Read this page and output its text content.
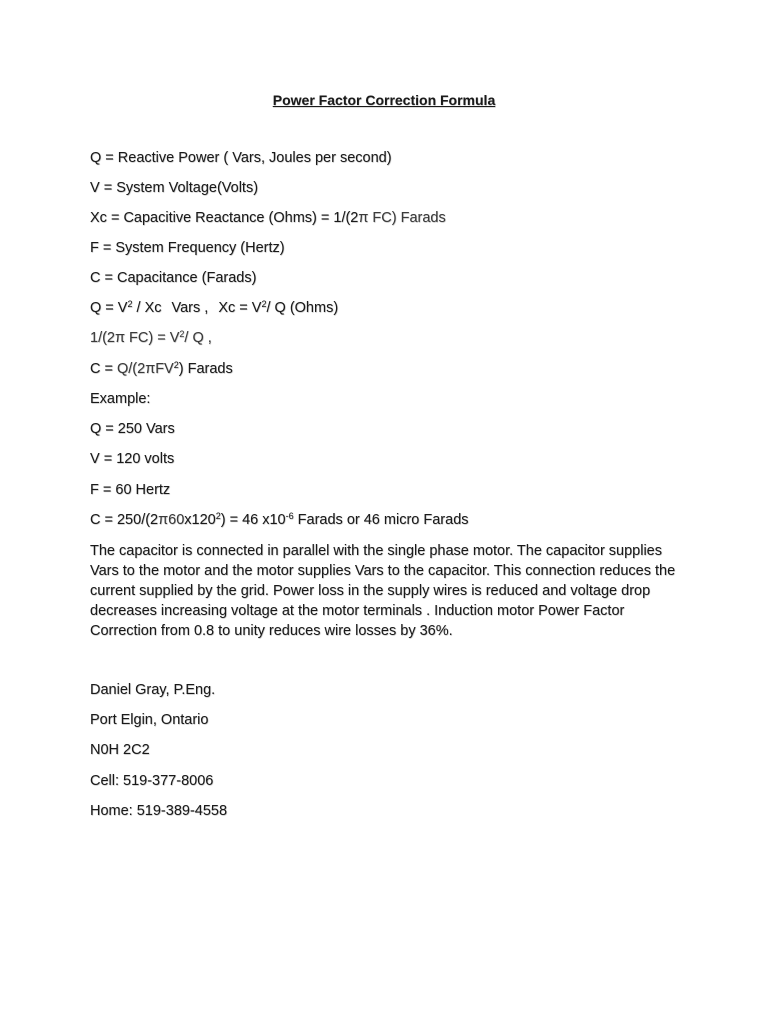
Power Factor Correction Formula
Q = Reactive Power ( Vars, Joules per second)
V = System Voltage(Volts)
Xc = Capacitive Reactance (Ohms) = 1/(2π FC) Farads
F = System Frequency (Hertz)
C = Capacitance (Farads)
$Q = V^2 / Xc$ Vars , $Xc = V^2/$ Q (Ohms)
1/(2π $FC) = V^2/$ Q ,
C = Q/(2πFV$^2$) Farads
Example:
Q = 250 Vars
V = 120 volts
F = 60 Hertz
$C = 250/(2\pi 60x120^2) = 46$ $x10^{-6}$ Farads or 46 micro Farads
The capacitor is connected in parallel with the single phase motor. The capacitor supplies Vars to the motor and the motor supplies Vars to the capacitor. This connection reduces the current supplied by the grid. Power loss in the supply wires is reduced and voltage drop decreases increasing voltage at the motor terminals . Induction motor Power Factor Correction from 0.8 to unity reduces wire losses by 36%.
Daniel Gray, P.Eng.
Port Elgin, Ontario
N0H 2C2
Cell: 519-377-8006
Home: 519-389-4558
